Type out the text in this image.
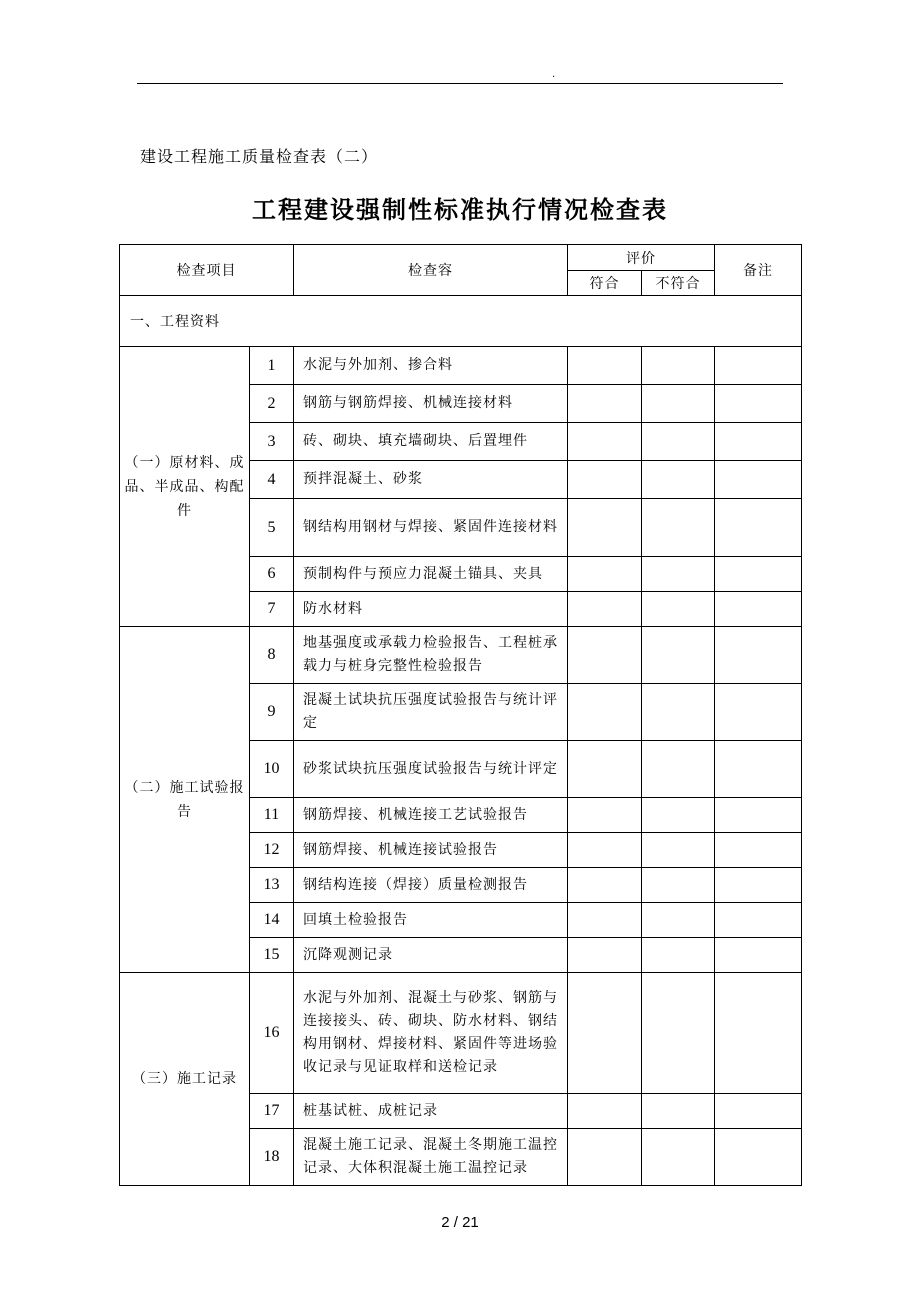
.
建设工程施工质量检查表（二）
工程建设强制性标准执行情况检查表
检查项目		检查容	评价		备注
			符合	不符合	
一、工程资料					
（一）原材料、成品、半成品、构配件	1	水泥与外加剂、掺合料			
	2	钢筋与钢筋焊接、机械连接材料			
	3	砖、砌块、填充墙砌块、后置埋件			
	4	预拌混凝土、砂浆			
	5	钢结构用钢材与焊接、紧固件连接材料			
	6	预制构件与预应力混凝土锚具、夹具			
	7	防水材料			
（二）施工试验报告	8	地基强度或承载力检验报告、工程桩承载力与桩身完整性检验报告			
	9	混凝土试块抗压强度试验报告与统计评定			
	10	砂浆试块抗压强度试验报告与统计评定			
	11	钢筋焊接、机械连接工艺试验报告			
	12	钢筋焊接、机械连接试验报告			
	13	钢结构连接（焊接）质量检测报告			
	14	回填土检验报告			
	15	沉降观测记录			
（三）施工记录	16	水泥与外加剂、混凝土与砂浆、钢筋与连接接头、砖、砌块、防水材料、钢结构用钢材、焊接材料、紧固件等进场验收记录与见证取样和送检记录			
	17	桩基试桩、成桩记录			
	18	混凝土施工记录、混凝土冬期施工温控记录、大体积混凝土施工温控记录			
2 / 21
